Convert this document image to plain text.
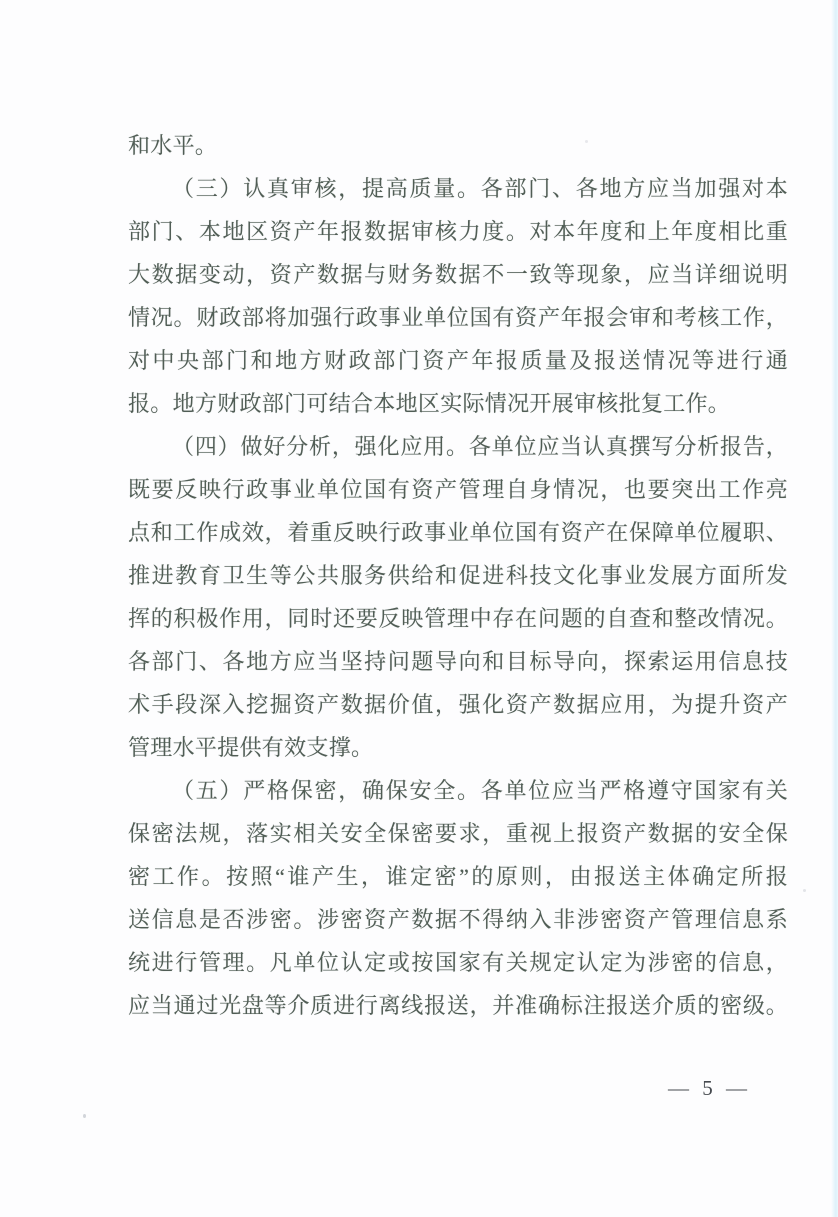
和水平。
（三）认真审核，提高质量。各部门、各地方应当加强对本
部门、本地区资产年报数据审核力度。对本年度和上年度相比重
大数据变动，资产数据与财务数据不一致等现象，应当详细说明
情况。财政部将加强行政事业单位国有资产年报会审和考核工作，
对中央部门和地方财政部门资产年报质量及报送情况等进行通
报。地方财政部门可结合本地区实际情况开展审核批复工作。
（四）做好分析，强化应用。各单位应当认真撰写分析报告，
既要反映行政事业单位国有资产管理自身情况，也要突出工作亮
点和工作成效，着重反映行政事业单位国有资产在保障单位履职、
推进教育卫生等公共服务供给和促进科技文化事业发展方面所发
挥的积极作用，同时还要反映管理中存在问题的自查和整改情况。
各部门、各地方应当坚持问题导向和目标导向，探索运用信息技
术手段深入挖掘资产数据价值，强化资产数据应用，为提升资产
管理水平提供有效支撑。
（五）严格保密，确保安全。各单位应当严格遵守国家有关
保密法规，落实相关安全保密要求，重视上报资产数据的安全保
密工作。按照“谁产生，谁定密”的原则，由报送主体确定所报
送信息是否涉密。涉密资产数据不得纳入非涉密资产管理信息系
统进行管理。凡单位认定或按国家有关规定认定为涉密的信息，
应当通过光盘等介质进行离线报送，并准确标注报送介质的密级。
— 5 —
